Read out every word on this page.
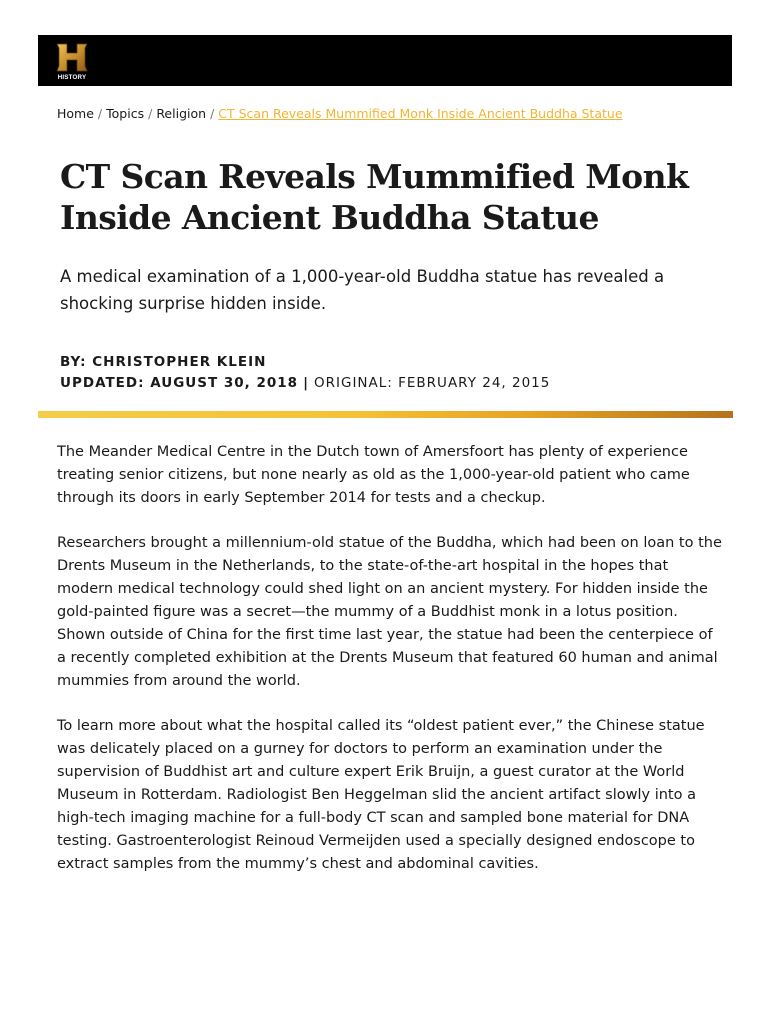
HISTORY
Home / Topics / Religion / CT Scan Reveals Mummified Monk Inside Ancient Buddha Statue
CT Scan Reveals Mummified Monk Inside Ancient Buddha Statue

A medical examination of a 1,000-year-old Buddha statue has revealed a shocking surprise hidden inside.

BY: CHRISTOPHER KLEIN
UPDATED: AUGUST 30, 2018 | ORIGINAL: FEBRUARY 24, 2015

The Meander Medical Centre in the Dutch town of Amersfoort has plenty of experience treating senior citizens, but none nearly as old as the 1,000-year-old patient who came through its doors in early September 2014 for tests and a checkup.

Researchers brought a millennium-old statue of the Buddha, which had been on loan to the Drents Museum in the Netherlands, to the state-of-the-art hospital in the hopes that modern medical technology could shed light on an ancient mystery. For hidden inside the gold-painted figure was a secret—the mummy of a Buddhist monk in a lotus position. Shown outside of China for the first time last year, the statue had been the centerpiece of a recently completed exhibition at the Drents Museum that featured 60 human and animal mummies from around the world.

To learn more about what the hospital called its “oldest patient ever,” the Chinese statue was delicately placed on a gurney for doctors to perform an examination under the supervision of Buddhist art and culture expert Erik Bruijn, a guest curator at the World Museum in Rotterdam. Radiologist Ben Heggelman slid the ancient artifact slowly into a high-tech imaging machine for a full-body CT scan and sampled bone material for DNA testing. Gastroenterologist Reinoud Vermeijden used a specially designed endoscope to extract samples from the mummy’s chest and abdominal cavities.
